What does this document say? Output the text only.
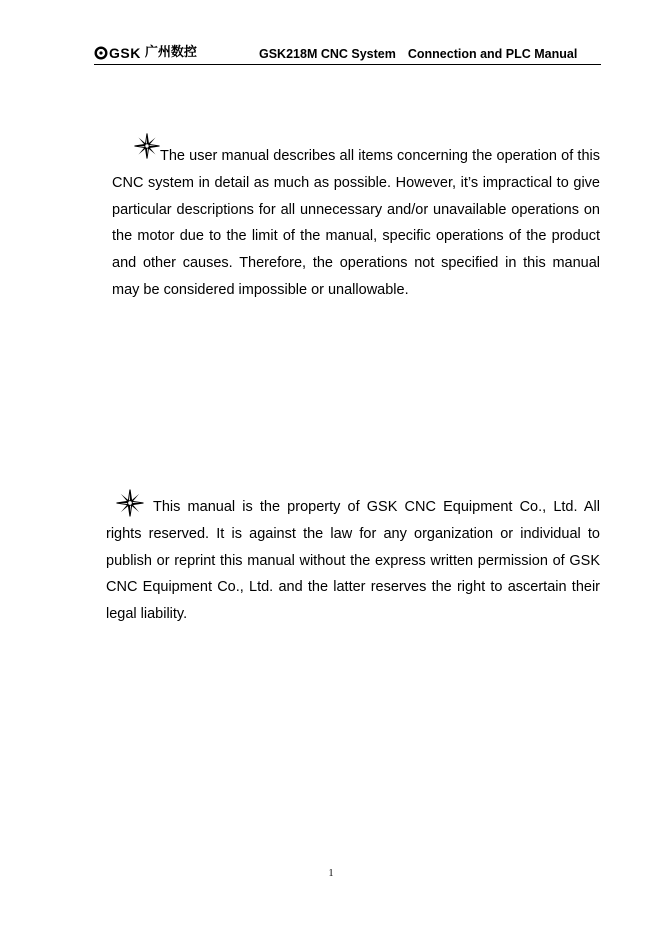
GSK 广州数控	GSK218M CNC System Connection and PLC Manual
The user manual describes all items concerning the operation of this CNC system in detail as much as possible. However, it’s impractical to give particular descriptions for all unnecessary and/or unavailable operations on the motor due to the limit of the manual, specific operations of the product and other causes. Therefore, the operations not specified in this manual may be considered impossible or unallowable.
This manual is the property of GSK CNC Equipment Co., Ltd. All rights reserved. It is against the law for any organization or individual to publish or reprint this manual without the express written permission of GSK CNC Equipment Co., Ltd. and the latter reserves the right to ascertain their legal liability.
1
